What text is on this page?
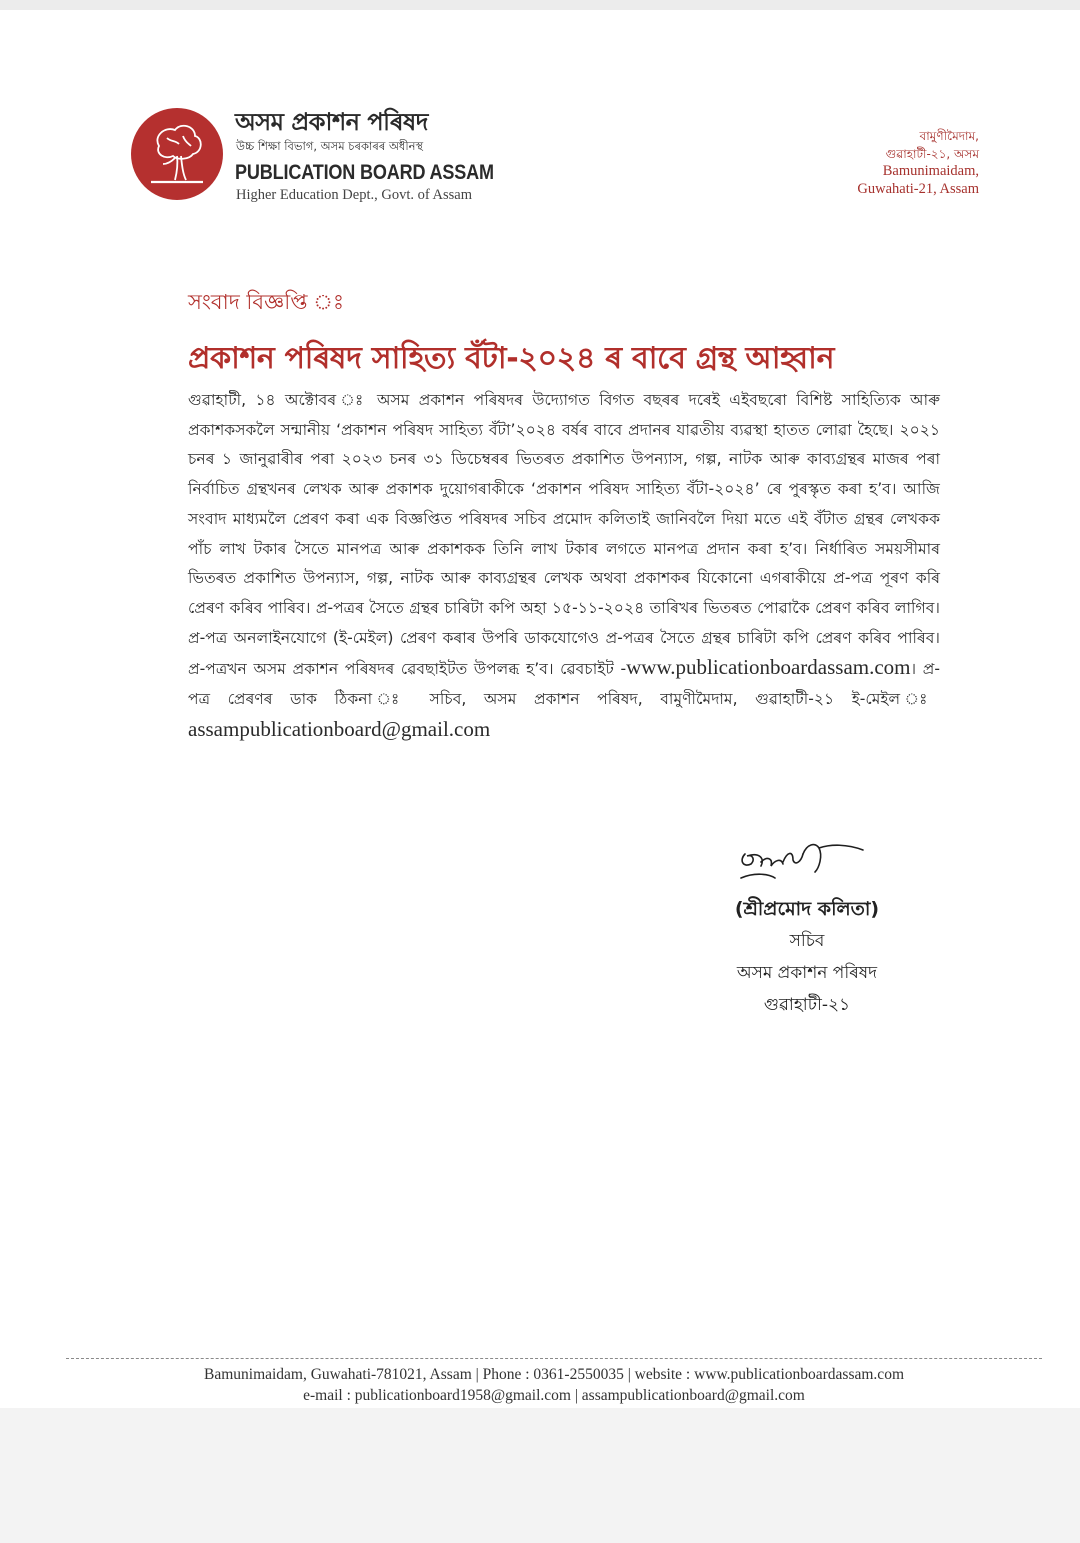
অসম প্ৰকাশন পৰিষদ
উচ্চ শিক্ষা বিভাগ, অসম চৰকাৰৰ অধীনস্থ
PUBLICATION BOARD ASSAM
Higher Education Dept., Govt. of Assam
বামুণীমৈদাম,
গুৱাহাটী-২১, অসম
Bamunimaidam,
Guwahati-21, Assam
সংবাদ বিজ্ঞপ্তি ঃ
প্ৰকাশন পৰিষদ সাহিত্য বঁটা-২০২৪ ৰ বাবে গ্ৰন্থ আহ্বান
গুৱাহাটী, ১৪ অক্টোবৰ ঃ অসম প্ৰকাশন পৰিষদৰ উদ্যোগত বিগত বছৰৰ দৰেই এইবছৰো বিশিষ্ট সাহিত্যিক আৰু প্ৰকাশকসকলৈ সন্মানীয় ‘প্ৰকাশন পৰিষদ সাহিত্য বঁটা’২০২৪ বৰ্ষৰ বাবে প্ৰদানৰ যাৱতীয় ব্যৱস্থা হাতত লোৱা হৈছে। ২০২১ চনৰ ১ জানুৱাৰীৰ পৰা ২০২৩ চনৰ ৩১ ডিচেম্বৰৰ ভিতৰত প্ৰকাশিত উপন্যাস, গল্প, নাটক আৰু কাব্যগ্ৰন্থৰ মাজৰ পৰা নিৰ্বাচিত গ্ৰন্থখনৰ লেখক আৰু প্ৰকাশক দুয়োগৰাকীকে ‘প্ৰকাশন পৰিষদ সাহিত্য বঁটা-২০২৪’ ৰে পুৰস্কৃত কৰা হ’ব। আজি সংবাদ মাধ্যমলৈ প্ৰেৰণ কৰা এক বিজ্ঞপ্তিত পৰিষদৰ সচিব প্ৰমোদ কলিতাই জানিবলৈ দিয়া মতে এই বঁটাত গ্ৰন্থৰ লেখকক পাঁচ লাখ টকাৰ সৈতে মানপত্ৰ আৰু প্ৰকাশকক তিনি লাখ টকাৰ লগতে মানপত্ৰ প্ৰদান কৰা হ’ব। নিৰ্ধাৰিত সময়সীমাৰ ভিতৰত প্ৰকাশিত উপন্যাস, গল্প, নাটক আৰু কাব্যগ্ৰন্থৰ লেখক অথবা প্ৰকাশকৰ যিকোনো এগৰাকীয়ে প্ৰ-পত্ৰ পূৰণ কৰি প্ৰেৰণ কৰিব পাৰিব। প্ৰ-পত্ৰৰ সৈতে গ্ৰন্থৰ চাৰিটা কপি অহা ১৫-১১-২০২৪ তাৰিখৰ ভিতৰত পোৱাকৈ প্ৰেৰণ কৰিব লাগিব। প্ৰ-পত্ৰ অনলাইনযোগে (ই-মেইল) প্ৰেৰণ কৰাৰ উপৰি ডাকযোগেও প্ৰ-পত্ৰৰ সৈতে গ্ৰন্থৰ চাৰিটা কপি প্ৰেৰণ কৰিব পাৰিব। প্ৰ-পত্ৰখন অসম প্ৰকাশন পৰিষদৰ ৱেবছাইটত উপলব্ধ হ’ব। ৱেবচাইট -www.publicationboardassam.com। প্ৰ-পত্ৰ প্ৰেৰণৰ ডাক ঠিকনা ঃ সচিব, অসম প্ৰকাশন পৰিষদ, বামুণীমৈদাম, গুৱাহাটী-২১ ই-মেইল ঃ assampublicationboard@gmail.com
(শ্ৰীপ্ৰমোদ কলিতা)
সচিব
অসম প্ৰকাশন পৰিষদ
গুৱাহাটী-২১
Bamunimaidam, Guwahati-781021, Assam | Phone : 0361-2550035 | website : www.publicationboardassam.com
e-mail : publicationboard1958@gmail.com | assampublicationboard@gmail.com
